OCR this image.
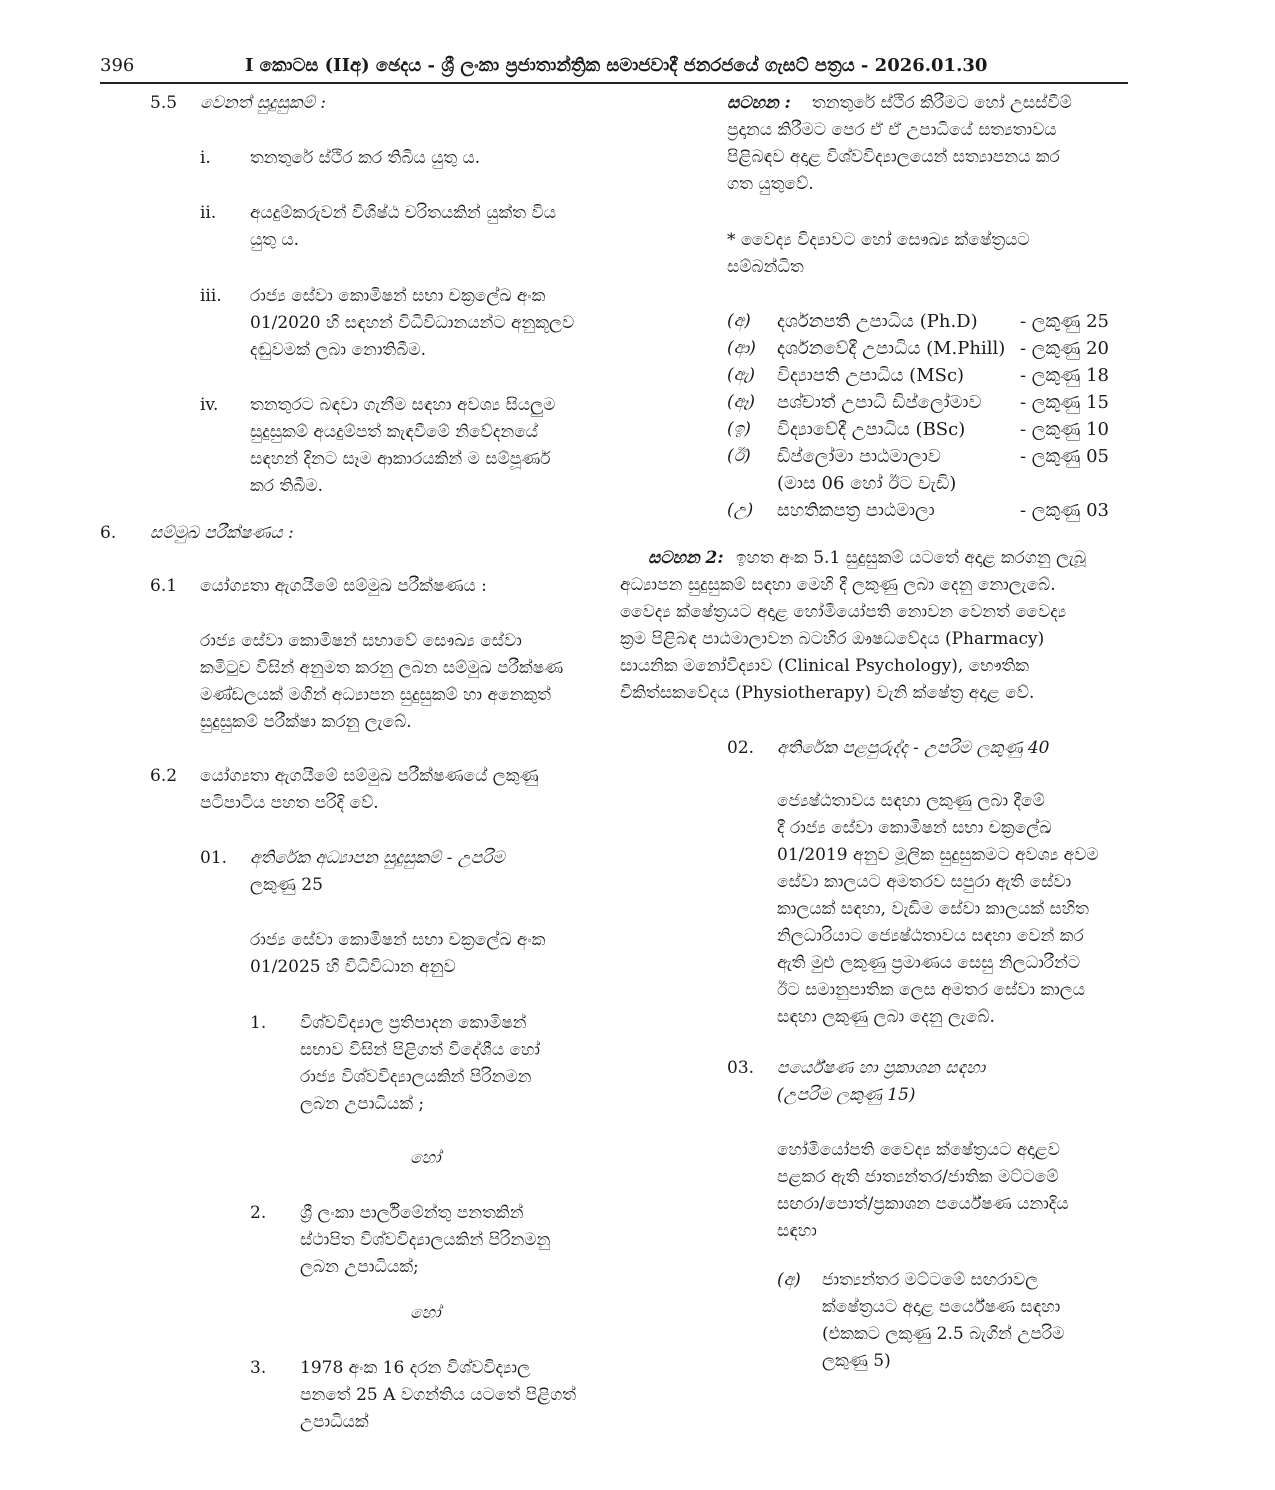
396	I කොටස (IIඅ) ඡෙදය - ශ්‍රී ලංකා ප්‍රජාතාන්ත්‍රික සමාජවාදී ජනරජයේ ගැසට් පත්‍රය - 2026.01.30
5.5 වෙනත් සුදුසුකම් :
i. තනතුරේ ස්ථිර කර තිබිය යුතු ය.
ii. අයදුම්කරුවන් විශිෂ්ඨ චරිතයකින් යුක්ත විය
යුතු ය.
iii. රාජ්‍ය සේවා කොමිෂන් සභා චක්‍රලේඛ අංක
01/2020 හි සඳහන් විධිවිධානයන්ට අනුකූලව
දඬුවමක් ලබා නොතිබීම.
iv. තනතුරට බඳවා ගැනීම සඳහා අවශ්‍ය සියලුම
සුදුසුකම් අයදුම්පත් කැඳවීමේ නිවේදනයේ
සඳහන් දිනට සෑම ආකාරයකින් ම සම්පූර්ණ
කර තිබීම.
6. සම්මුඛ පරීක්ෂණය :
6.1 යෝග්‍යතා ඇගයීමේ සම්මුඛ පරීක්ෂණය :
රාජ්‍ය සේවා කොමිෂන් සභාවේ සෞඛ්‍ය සේවා
කමිටුව විසින් අනුමත කරනු ලබන සම්මුඛ පරීක්ෂණ
මණ්ඩලයක් මගින් අධ්‍යාපන සුදුසුකම් හා අනෙකුත්
සුදුසුකම් පරීක්ෂා කරනු ලැබේ.
6.2 යෝග්‍යතා ඇගයීමේ සම්මුඛ පරීක්ෂණයේ ලකුණු
පටිපාටිය පහත පරිදි වේ.
01. අතිරේක අධ්‍යාපන සුදුසුකම් - උපරිම
ලකුණු 25
රාජ්‍ය සේවා කොමිෂන් සභා චක්‍රලේඛ අංක
01/2025 හි විධිවිධාන අනුව
1. විශ්වවිද්‍යාල ප්‍රතිපාදන කොමිෂන්
සභාව විසින් පිළිගත් විදේශීය හෝ
රාජ්‍ය විශ්වවිද්‍යාලයකින් පිරිනමන
ලබන උපාධියක් ;
හෝ
2. ශ්‍රී ලංකා පාර්ලිමේන්තු පනතකින්
ස්ථාපිත විශ්වවිද්‍යාලයකින් පිරිනමනු
ලබන උපාධියක්;
හෝ
3. 1978 අංක 16 දරන විශ්වවිද්‍යාල
පනතේ 25 A වගන්තිය යටතේ පිළිගත්
උපාධියක්
සටහන : තනතුරේ ස්ථිර කිරීමට හෝ උසස්වීම්
ප්‍රදානය කිරීමට පෙර ඒ ඒ උපාධියේ සත්‍යතාවය
පිළිබඳව අදාළ විශ්වවිද්‍යාලයෙන් සත්‍යාපනය කර
ගත යුතුවේ.
* වෛද්‍ය විද්‍යාවට හෝ සෞඛ්‍ය ක්ෂේත්‍රයට
සම්බන්ධිත
(අ) දර්ශනපති උපාධිය (Ph.D) - ලකුණු 25
(ආ) දර්ශනවේදී උපාධිය (M.Phill) - ලකුණු 20
(ඇ) විද්‍යාපති උපාධිය (MSc)	- ලකුණු 18
(ඈ) පශ්චාත් උපාධි ඩිප්ලෝමාව - ලකුණු 15
(ඉ) විද්‍යාවේදී උපාධිය (BSc)	- ලකුණු 10
(ඊ) ඩිප්ලෝමා පාඨමාලාව	- ලකුණු 05
(මාස 06 හෝ ඊට වැඩි)
(උ) සහතිකපත්‍ර පාඨමාලා	- ලකුණු 03
සටහන 2: ඉහත අංක 5.1 සුදුසුකම් යටතේ අදාළ කරගනු ලැබූ
අධ්‍යාපන සුදුසුකම් සඳහා මෙහි දී ලකුණු ලබා දෙනු නොලැබේ.
වෛද්‍ය ක්ෂේත්‍රයට අදාළ හෝමියෝපති නොවන වෙනත් වෛද්‍ය
ක්‍රම පිළිබඳ පාඨමාලාවන බටහිර ඖෂධවේදය (Pharmacy)
සායනික මනෝවිද්‍යාව (Clinical Psychology), භෞතික
චිකිත්සකවේදය (Physiotherapy) වැනි ක්ෂේත්‍ර අදාළ වේ.
02. අතිරේක පළපුරුද්ද - උපරිම ලකුණු 40
ජ්‍යෙෂ්ඨතාවය සඳහා ලකුණු ලබා දීමේ
දී රාජ්‍ය සේවා කොමිෂන් සභා චක්‍රලේඛ
01/2019 අනුව මූලික සුදුසුකමට අවශ්‍ය අවම
සේවා කාලයට අමතරව සපුරා ඇති සේවා
කාලයක් සඳහා, වැඩිම සේවා කාලයක් සහිත
නිලධාරියාට ජ්‍යෙෂ්ඨතාවය සඳහා වෙන් කර
ඇති මුළු ලකුණු ප්‍රමාණය සෙසු නිලධාරීන්ට
ඊට සමානුපාතික ලෙස අමතර සේවා කාලය
සඳහා ලකුණු ලබා දෙනු ලැබේ.
03. පර්යේෂණ හා ප්‍රකාශන සඳහා
(උපරිම ලකුණු 15)
හෝමියෝපති වෛද්‍ය ක්ෂේත්‍රයට අදාළව
පළකර ඇති ජාත්‍යන්තර/ජාතික මට්ටමේ
සඟරා/පොත්/ප්‍රකාශන පර්යේෂණ යනාදිය
සඳහා
(අ) ජාත්‍යන්තර මට්ටමේ සඟරාවල
ක්ෂේත්‍රයට අදාළ පර්යේෂණ සඳහා
(එකකට ලකුණු 2.5 බැගින් උපරිම
ලකුණු 5)
